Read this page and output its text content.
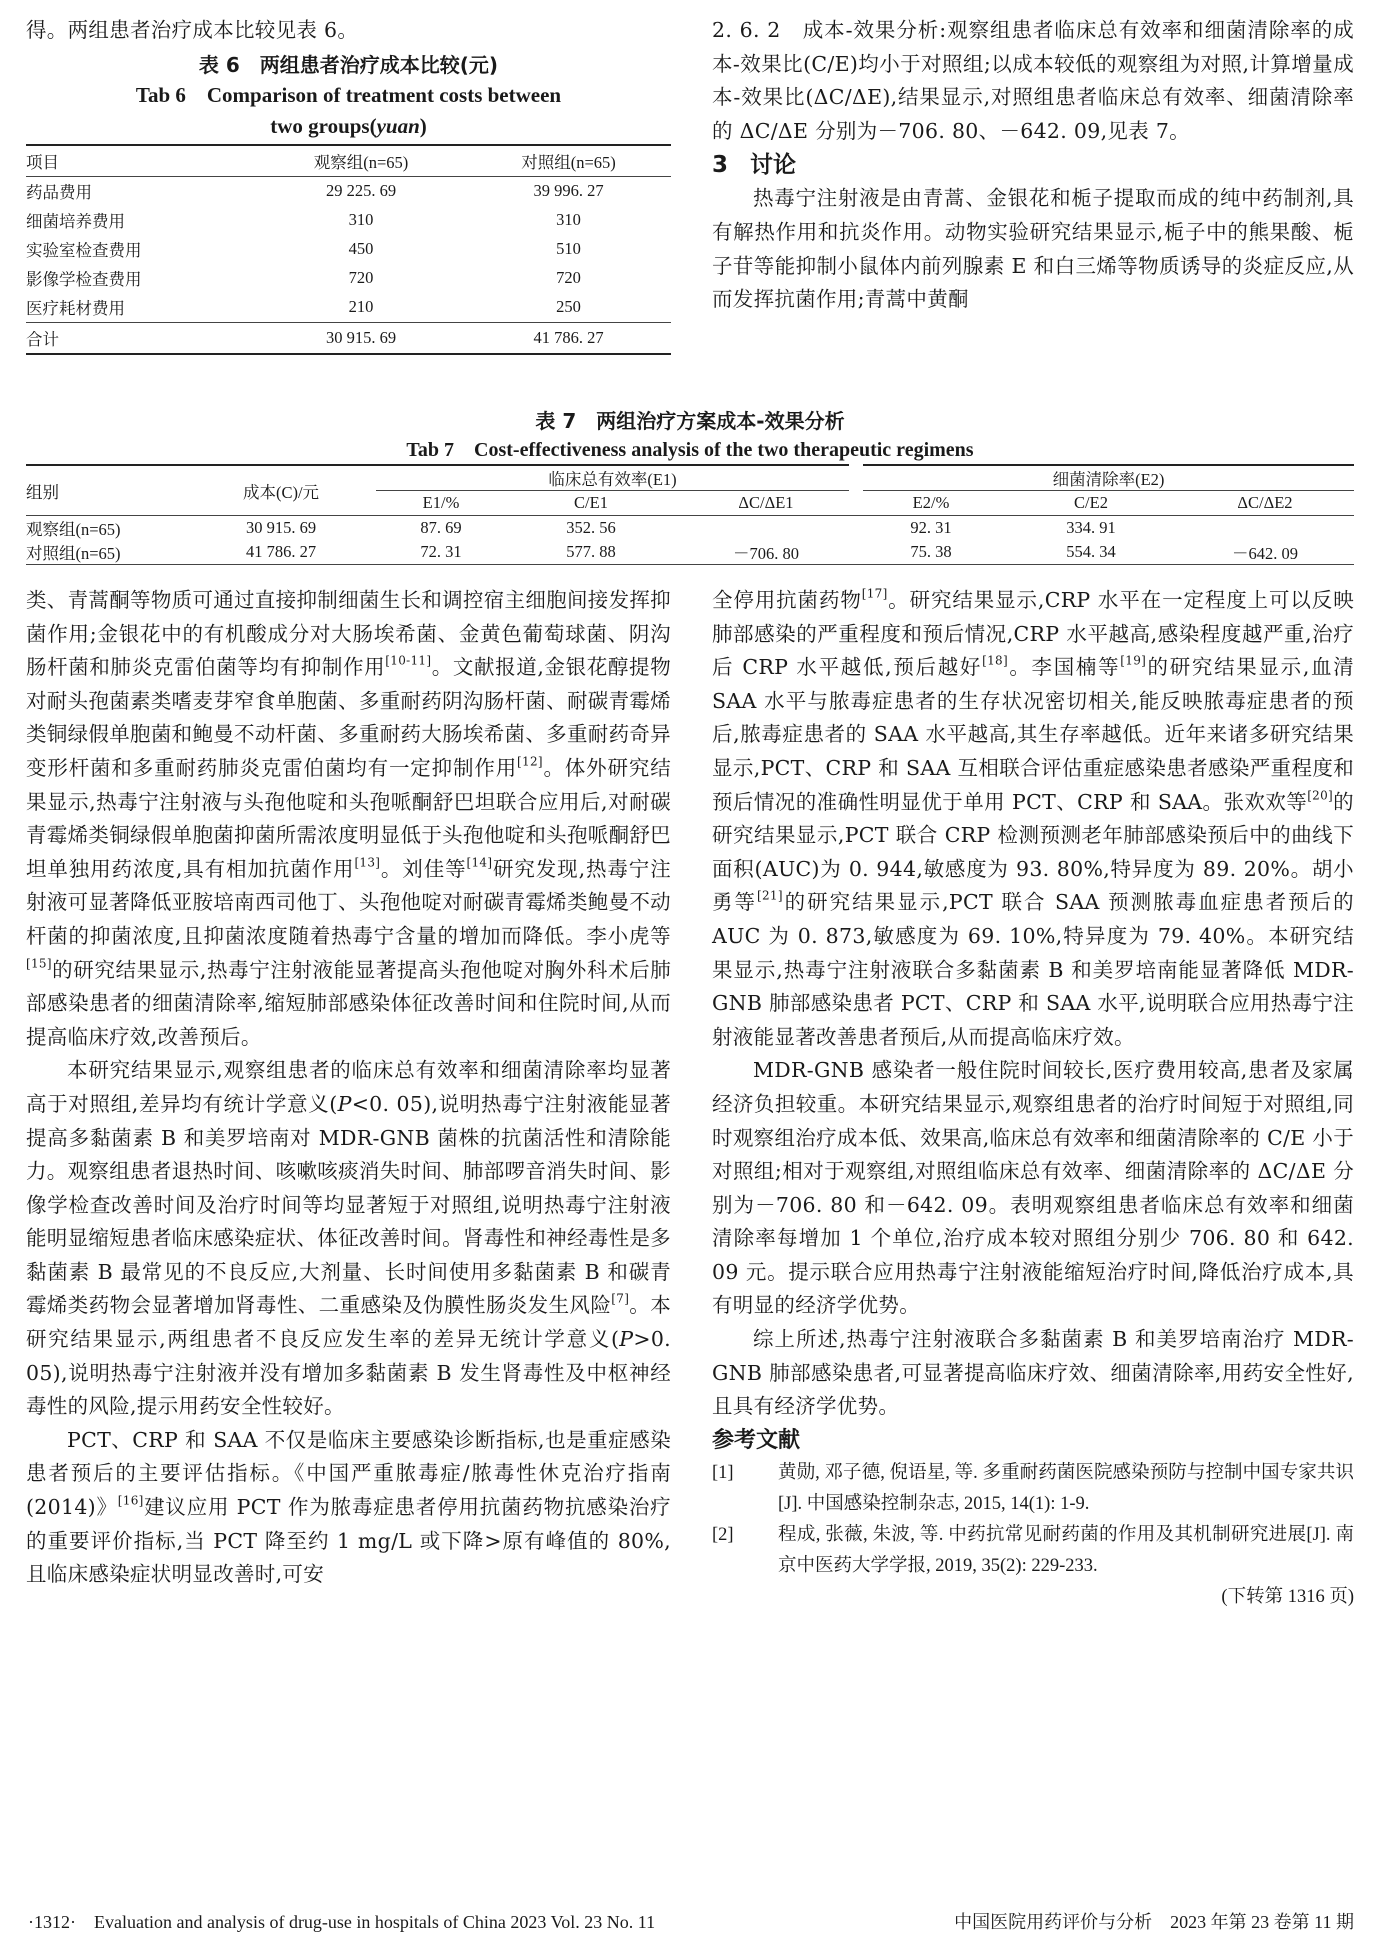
得。两组患者治疗成本比较见表 6。

表 6　两组患者治疗成本比较(元)
Tab 6　Comparison of treatment costs between
two groups(yuan)
项目	观察组(n=65)	对照组(n=65)
药品费用	29 225. 69	39 996. 27
细菌培养费用	310	310
实验室检查费用	450	510
影像学检查费用	720	720
医疗耗材费用	210	250
合计	30 915. 69	41 786. 27

2. 6. 2　成本-效果分析:观察组患者临床总有效率和细菌清除率的成本-效果比(C/E)均小于对照组;以成本较低的观察组为对照,计算增量成本-效果比(ΔC/ΔE),结果显示,对照组患者临床总有效率、细菌清除率的 ΔC/ΔE 分别为－706. 80、－642. 09,见表 7。

3 讨论

热毒宁注射液是由青蒿、金银花和栀子提取而成的纯中药制剂,具有解热作用和抗炎作用。动物实验研究结果显示,栀子中的熊果酸、栀子苷等能抑制小鼠体内前列腺素 E 和白三烯等物质诱导的炎症反应,从而发挥抗菌作用;青蒿中黄酮

表 7　两组治疗方案成本-效果分析
Tab 7　Cost-effectiveness analysis of the two therapeutic regimens
组别	成本(C)/元	临床总有效率(E1)			细菌清除率(E2)		
		E1/%	C/E1	ΔC/ΔE1	E2/%	C/E2	ΔC/ΔE2
观察组(n=65)	30 915. 69	87. 69	352. 56		92. 31	334. 91	
对照组(n=65)	41 786. 27	72. 31	577. 88	－706. 80	75. 38	554. 34	－642. 09

类、青蒿酮等物质可通过直接抑制细菌生长和调控宿主细胞间接发挥抑菌作用;金银花中的有机酸成分对大肠埃希菌、金黄色葡萄球菌、阴沟肠杆菌和肺炎克雷伯菌等均有抑制作用[10-11]。文献报道,金银花醇提物对耐头孢菌素类嗜麦芽窄食单胞菌、多重耐药阴沟肠杆菌、耐碳青霉烯类铜绿假单胞菌和鲍曼不动杆菌、多重耐药大肠埃希菌、多重耐药奇异变形杆菌和多重耐药肺炎克雷伯菌均有一定抑制作用[12]。体外研究结果显示,热毒宁注射液与头孢他啶和头孢哌酮舒巴坦联合应用后,对耐碳青霉烯类铜绿假单胞菌抑菌所需浓度明显低于头孢他啶和头孢哌酮舒巴坦单独用药浓度,具有相加抗菌作用[13]。刘佳等[14]研究发现,热毒宁注射液可显著降低亚胺培南西司他丁、头孢他啶对耐碳青霉烯类鲍曼不动杆菌的抑菌浓度,且抑菌浓度随着热毒宁含量的增加而降低。李小虎等[15]的研究结果显示,热毒宁注射液能显著提高头孢他啶对胸外科术后肺部感染患者的细菌清除率,缩短肺部感染体征改善时间和住院时间,从而提高临床疗效,改善预后。

本研究结果显示,观察组患者的临床总有效率和细菌清除率均显著高于对照组,差异均有统计学意义(P<0. 05),说明热毒宁注射液能显著提高多黏菌素 B 和美罗培南对 MDR-GNB 菌株的抗菌活性和清除能力。观察组患者退热时间、咳嗽咳痰消失时间、肺部啰音消失时间、影像学检查改善时间及治疗时间等均显著短于对照组,说明热毒宁注射液能明显缩短患者临床感染症状、体征改善时间。肾毒性和神经毒性是多黏菌素 B 最常见的不良反应,大剂量、长时间使用多黏菌素 B 和碳青霉烯类药物会显著增加肾毒性、二重感染及伪膜性肠炎发生风险[7]。本研究结果显示,两组患者不良反应发生率的差异无统计学意义(P>0. 05),说明热毒宁注射液并没有增加多黏菌素 B 发生肾毒性及中枢神经毒性的风险,提示用药安全性较好。

PCT、CRP 和 SAA 不仅是临床主要感染诊断指标,也是重症感染患者预后的主要评估指标。《中国严重脓毒症/脓毒性休克治疗指南(2014)》[16]建议应用 PCT 作为脓毒症患者停用抗菌药物抗感染治疗的重要评价指标,当 PCT 降至约 1 mg/L 或下降>原有峰值的 80%,且临床感染症状明显改善时,可安

全停用抗菌药物[17]。研究结果显示,CRP 水平在一定程度上可以反映肺部感染的严重程度和预后情况,CRP 水平越高,感染程度越严重,治疗后 CRP 水平越低,预后越好[18]。李国楠等[19]的研究结果显示,血清 SAA 水平与脓毒症患者的生存状况密切相关,能反映脓毒症患者的预后,脓毒症患者的 SAA 水平越高,其生存率越低。近年来诸多研究结果显示,PCT、CRP 和 SAA 互相联合评估重症感染患者感染严重程度和预后情况的准确性明显优于单用 PCT、CRP 和 SAA。张欢欢等[20]的研究结果显示,PCT 联合 CRP 检测预测老年肺部感染预后中的曲线下面积(AUC)为 0. 944,敏感度为 93. 80%,特异度为 89. 20%。胡小勇等[21]的研究结果显示,PCT 联合 SAA 预测脓毒血症患者预后的 AUC 为 0. 873,敏感度为 69. 10%,特异度为 79. 40%。本研究结果显示,热毒宁注射液联合多黏菌素 B 和美罗培南能显著降低 MDR-GNB 肺部感染患者 PCT、CRP 和 SAA 水平,说明联合应用热毒宁注射液能显著改善患者预后,从而提高临床疗效。

MDR-GNB 感染者一般住院时间较长,医疗费用较高,患者及家属经济负担较重。本研究结果显示,观察组患者的治疗时间短于对照组,同时观察组治疗成本低、效果高,临床总有效率和细菌清除率的 C/E 小于对照组;相对于观察组,对照组临床总有效率、细菌清除率的 ΔC/ΔE 分别为－706. 80 和－642. 09。表明观察组患者临床总有效率和细菌清除率每增加 1 个单位,治疗成本较对照组分别少 706. 80 和 642. 09 元。提示联合应用热毒宁注射液能缩短治疗时间,降低治疗成本,具有明显的经济学优势。

综上所述,热毒宁注射液联合多黏菌素 B 和美罗培南治疗 MDR-GNB 肺部感染患者,可显著提高临床疗效、细菌清除率,用药安全性好,且具有经济学优势。

参考文献
[1]	黄勋, 邓子德, 倪语星, 等. 多重耐药菌医院感染预防与控制中国专家共识[J]. 中国感染控制杂志, 2015, 14(1): 1-9.
[2]	程成, 张薇, 朱波, 等. 中药抗常见耐药菌的作用及其机制研究进展[J]. 南京中医药大学学报, 2019, 35(2): 229-233.
(下转第 1316 页)
·1312·　Evaluation and analysis of drug-use in hospitals of China 2023 Vol. 23 No. 11	中国医院用药评价与分析　2023 年第 23 卷第 11 期
